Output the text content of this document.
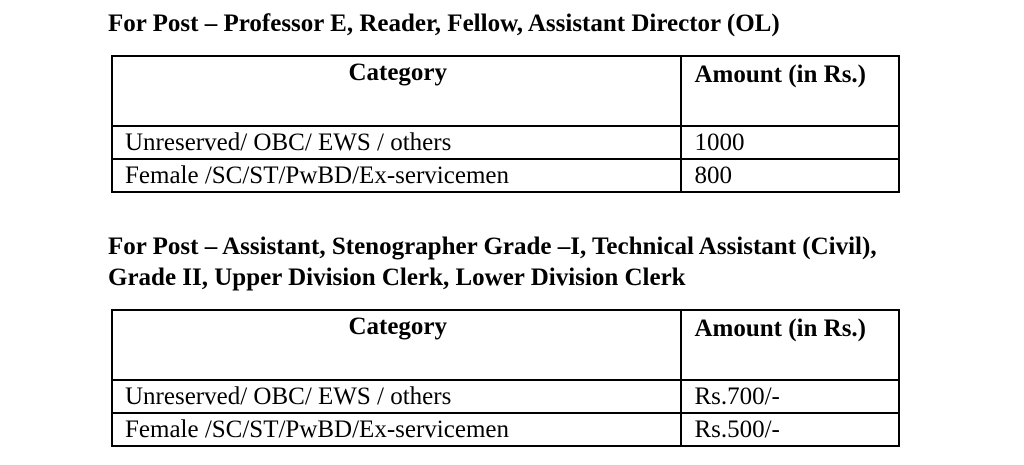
For Post – Professor E, Reader, Fellow, Assistant Director (OL)
Category	Amount (in Rs.)
Unreserved/ OBC/ EWS / others	1000
Female /SC/ST/PwBD/Ex-servicemen	800
For Post – Assistant, Stenographer Grade –I, Technical Assistant (Civil),
Grade II, Upper Division Clerk, Lower Division Clerk
Category	Amount (in Rs.)
Unreserved/ OBC/ EWS / others	Rs.700/-
Female /SC/ST/PwBD/Ex-servicemen	Rs.500/-
